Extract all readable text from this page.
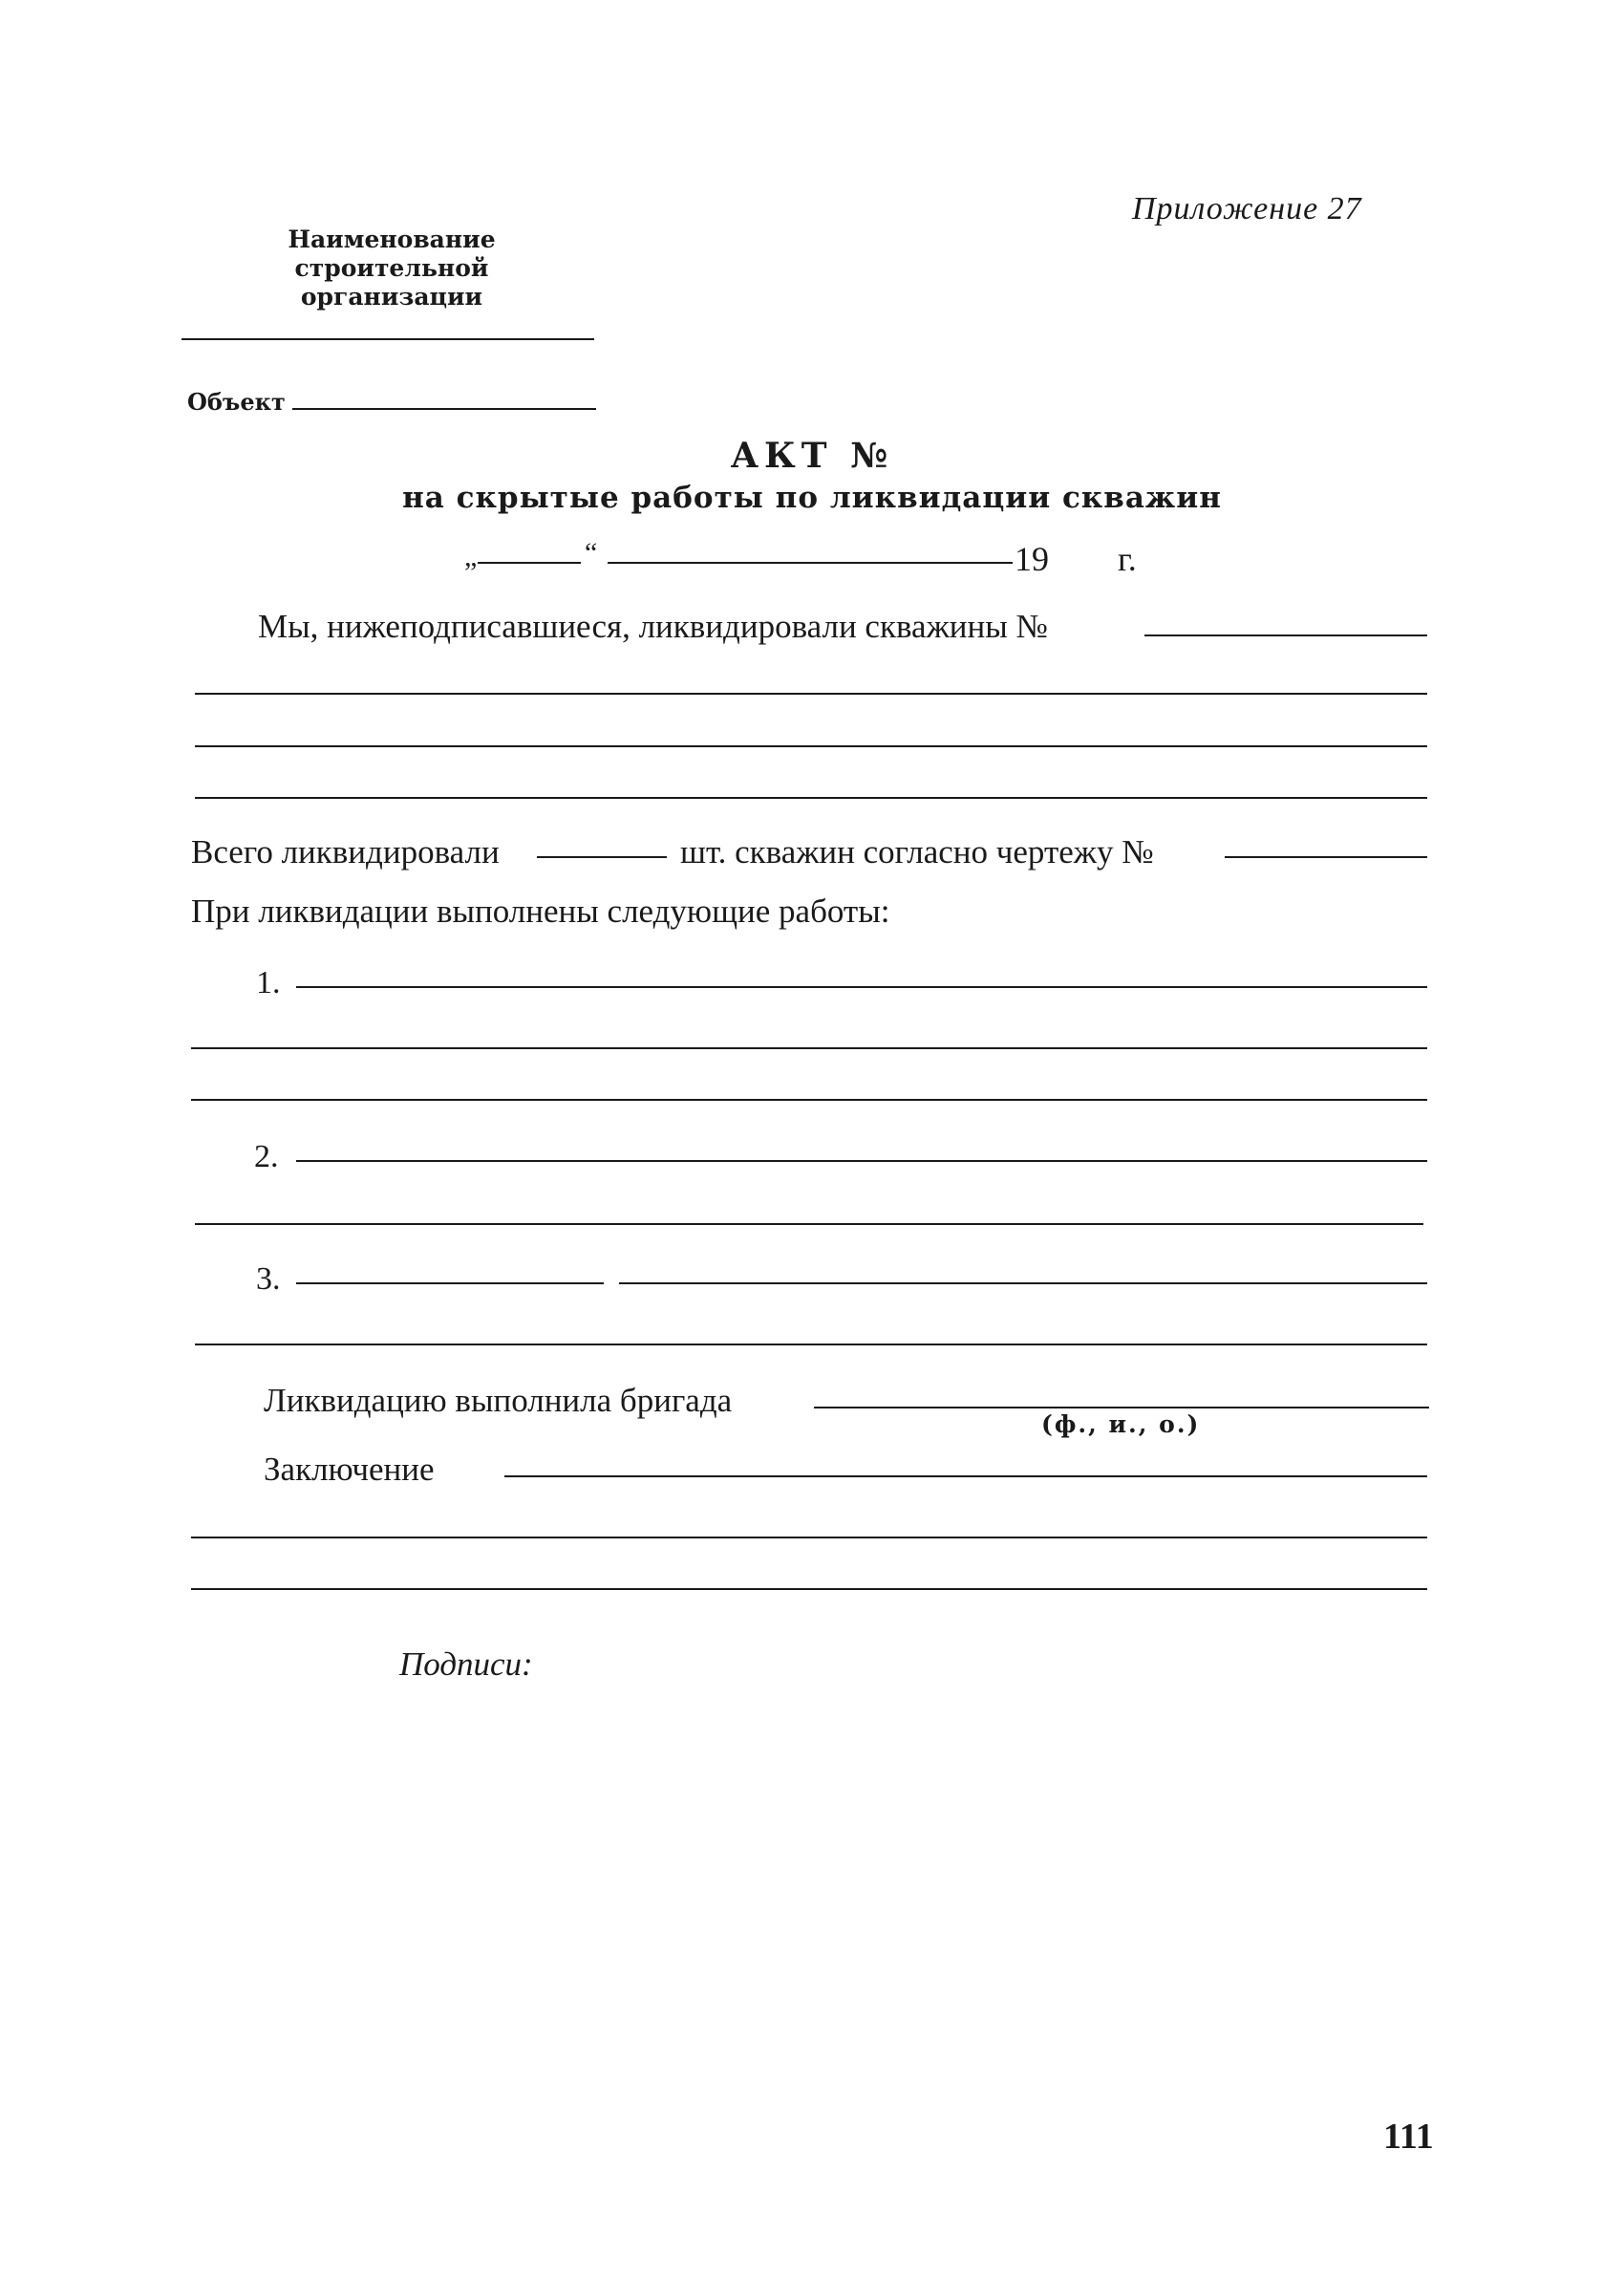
Приложение 27
Наименование строительной
организации
Объект
АКТ №
на скрытые работы по ликвидации скважин
„	“	19 г.
Мы, нижеподписавшиеся, ликвидировали скважины №
Всего ликвидировали	шт. скважин согласно чертежу №
При ликвидации выполнены следующие работы:
1.
2.
3.
Ликвидацию выполнила бригада
(ф., и., о.)
Заключение
Подписи:
111
